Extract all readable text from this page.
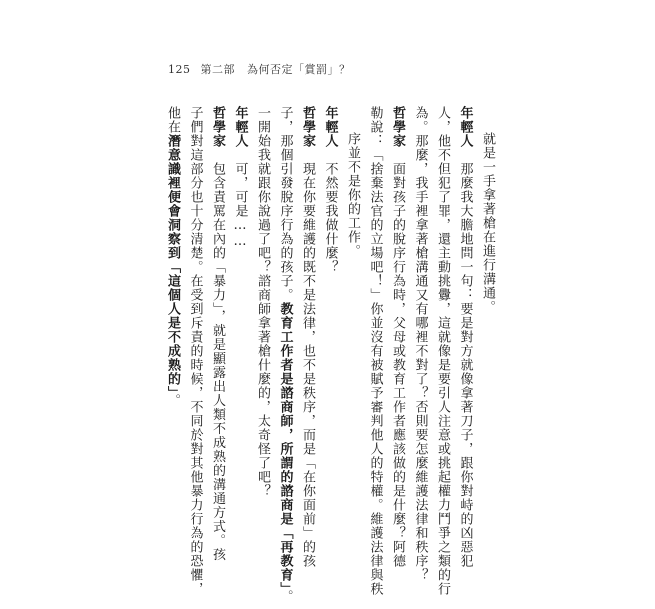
125 第二部 為何否定「賞罰」？
就是一手拿著槍在進行溝通。
年輕人　那麼我大膽地問一句：要是對方就像拿著刀子，跟你對峙的凶惡犯
人，他不但犯了罪，還主動挑釁，這就像是要引人注意或挑起權力鬥爭之類的行
為。那麼，我手裡拿著槍溝通又有哪裡不對了？否則要怎麼維護法律和秩序？
哲學家　面對孩子的脫序行為時，父母或教育工作者應該做的是什麼？阿德
勒說：「捨棄法官的立場吧！」你並沒有被賦予審判他人的特權。維護法律與秩
序並不是你的工作。
年輕人　不然要我做什麼？
哲學家　現在你要維護的既不是法律，也不是秩序，而是「在你面前」的孩
子，那個引發脫序行為的孩子。教育工作者是諮商師，所謂的諮商是「再教育」。
一開始我就跟你說過了吧？諮商師拿著槍什麼的，太奇怪了吧？
年輕人　可，可是……
哲學家　包含責罵在內的「暴力」，就是顯露出人類不成熟的溝通方式。孩
子們對這部分也十分清楚。在受到斥責的時候，不同於對其他暴力行為的恐懼，
他在潛意識裡便會洞察到「這個人是不成熟的」。
